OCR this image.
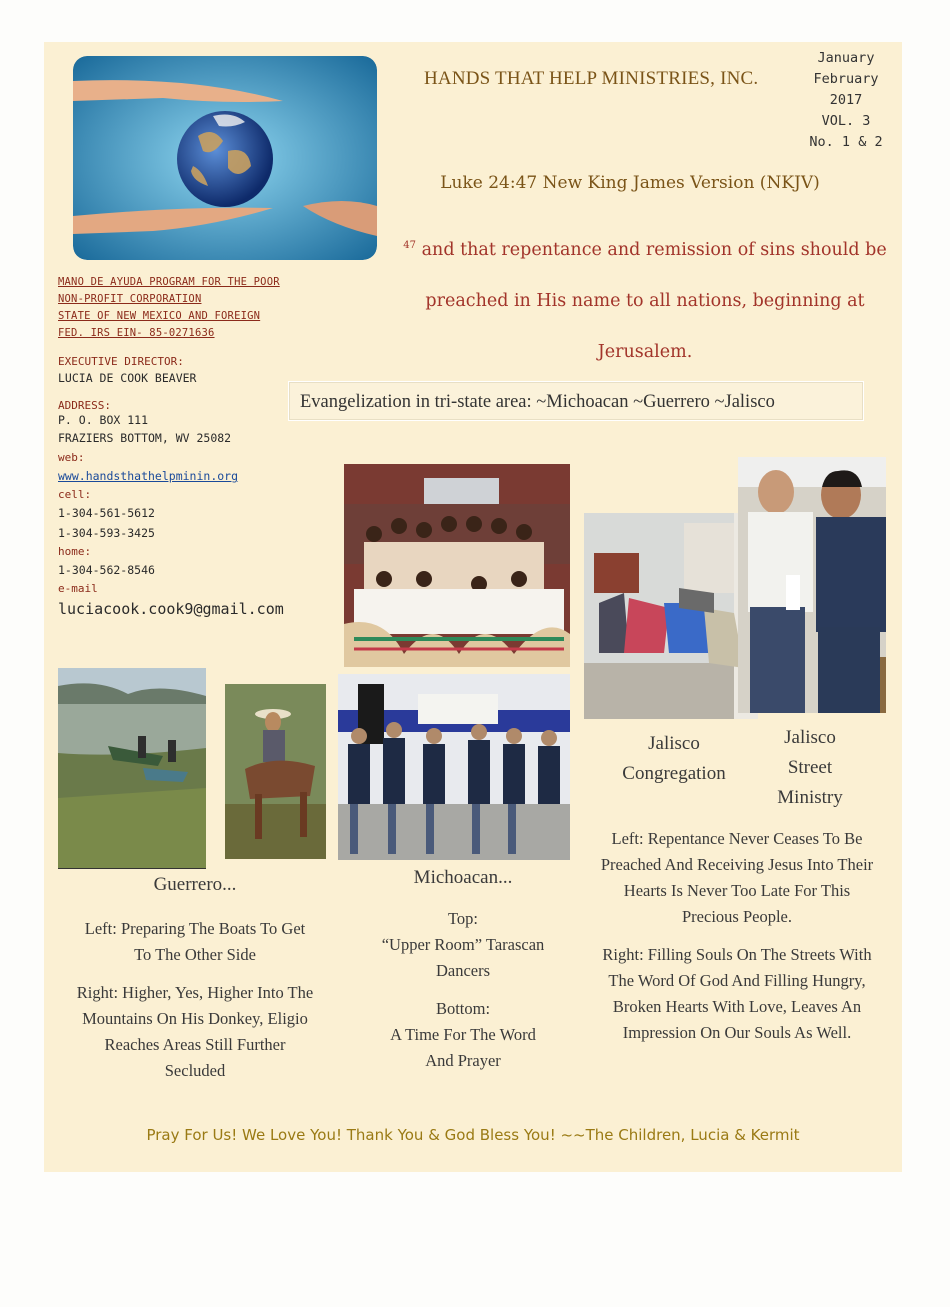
HANDS THAT HELP MINISTRIES, INC.
January
February
2017
VOL. 3
No. 1 & 2
Luke 24:47 New King James Version (NKJV)
$^{47}$ and that repentance and remission of sins should be
preached in His name to all nations, beginning at
Jerusalem.
Evangelization in tri-state area: ~Michoacan ~Guerrero ~Jalisco
MANO DE AYUDA PROGRAM FOR THE POOR
NON-PROFIT CORPORATION
STATE OF NEW MEXICO AND FOREIGN
FED. IRS EIN- 85-0271636
EXECUTIVE DIRECTOR:
LUCIA DE COOK BEAVER
ADDRESS:
P. O. BOX 111
FRAZIERS BOTTOM, WV 25082
web:
www.handsthathelpminin.org
cell:
1-304-561-5612
1-304-593-3425
home:
1-304-562-8546
e-mail
luciacook.cook9@gmail.com
Jalisco
Congregation
Jalisco
Street
Ministry
Left: Repentance Never Ceases To Be
Preached And Receiving Jesus Into Their
Hearts Is Never Too Late For This
Precious People.
Right: Filling Souls On The Streets With
The Word Of God And Filling Hungry,
Broken Hearts With Love, Leaves An
Impression On Our Souls As Well.
Guerrero...
Left: Preparing The Boats To Get
To The Other Side
Right: Higher, Yes, Higher Into The
Mountains On His Donkey, Eligio
Reaches Areas Still Further
Secluded
Michoacan...
Top:
“Upper Room” Tarascan
Dancers
Bottom:
A Time For The Word
And Prayer
Pray For Us! We Love You! Thank You & God Bless You! ~~The Children, Lucia & Kermit
